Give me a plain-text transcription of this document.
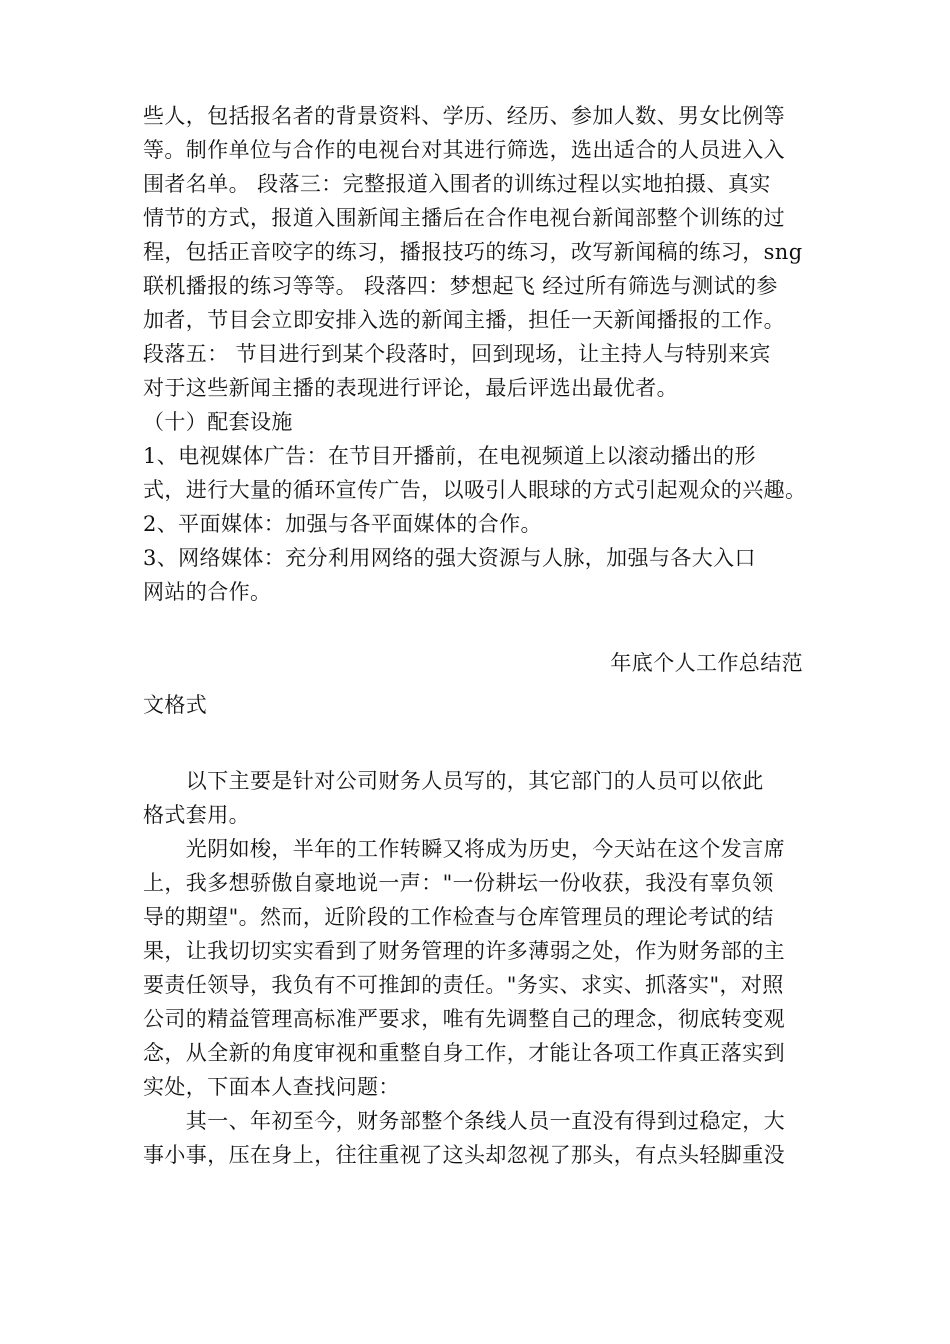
些人，包括报名者的背景资料、学历、经历、参加人数、男女比例等
等。制作单位与合作的电视台对其进行筛选，选出适合的人员进入入
围者名单。 段落三：完整报道入围者的训练过程以实地拍摄、真实
情节的方式，报道入围新闻主播后在合作电视台新闻部整个训练的过
程，包括正音咬字的练习，播报技巧的练习，改写新闻稿的练习，sng
联机播报的练习等等。 段落四：梦想起飞 经过所有筛选与测试的参
加者，节目会立即安排入选的新闻主播，担任一天新闻播报的工作。
段落五： 节目进行到某个段落时，回到现场，让主持人与特别来宾
对于这些新闻主播的表现进行评论，最后评选出最优者。
（十）配套设施
1、电视媒体广告：在节目开播前，在电视频道上以滚动播出的形
式，进行大量的循环宣传广告，以吸引人眼球的方式引起观众的兴趣。
2、平面媒体：加强与各平面媒体的合作。
3、网络媒体：充分利用网络的强大资源与人脉，加强与各大入口
网站的合作。
年底个人工作总结范
文格式
　　以下主要是针对公司财务人员写的，其它部门的人员可以依此
格式套用。
　　光阴如梭，半年的工作转瞬又将成为历史，今天站在这个发言席
上，我多想骄傲自豪地说一声："一份耕坛一份收获，我没有辜负领
导的期望"。然而，近阶段的工作检查与仓库管理员的理论考试的结
果，让我切切实实看到了财务管理的许多薄弱之处，作为财务部的主
要责任领导，我负有不可推卸的责任。"务实、求实、抓落实"，对照
公司的精益管理高标准严要求，唯有先调整自己的理念，彻底转变观
念，从全新的角度审视和重整自身工作，才能让各项工作真正落实到
实处，下面本人查找问题：
　　其一、年初至今，财务部整个条线人员一直没有得到过稳定，大
事小事，压在身上，往往重视了这头却忽视了那头，有点头轻脚重没
